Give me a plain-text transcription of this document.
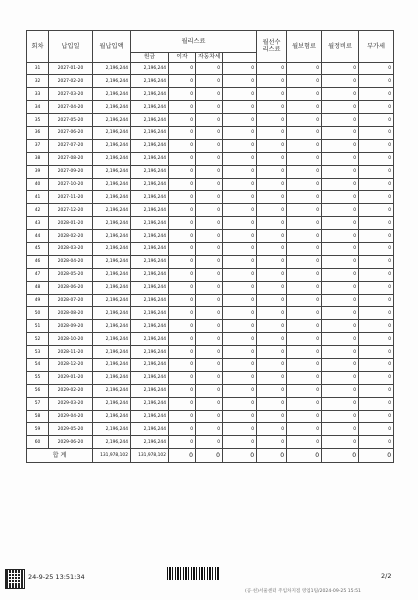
회차	납입일	월납입액	월리스료				월선수
리스료	월보험료	월정비료	부가세
			원금	이자	자동차세					
31	2027-01-20	2,196,244	2,196,244	0	0	0	0	0	0	0
32	2027-02-20	2,196,244	2,196,244	0	0	0	0	0	0	0
33	2027-03-20	2,196,244	2,196,244	0	0	0	0	0	0	0
34	2027-04-20	2,196,244	2,196,244	0	0	0	0	0	0	0
35	2027-05-20	2,196,244	2,196,244	0	0	0	0	0	0	0
36	2027-06-20	2,196,244	2,196,244	0	0	0	0	0	0	0
37	2027-07-20	2,196,244	2,196,244	0	0	0	0	0	0	0
38	2027-08-20	2,196,244	2,196,244	0	0	0	0	0	0	0
39	2027-09-20	2,196,244	2,196,244	0	0	0	0	0	0	0
40	2027-10-20	2,196,244	2,196,244	0	0	0	0	0	0	0
41	2027-11-20	2,196,244	2,196,244	0	0	0	0	0	0	0
42	2027-12-20	2,196,244	2,196,244	0	0	0	0	0	0	0
43	2028-01-20	2,196,244	2,196,244	0	0	0	0	0	0	0
44	2028-02-20	2,196,244	2,196,244	0	0	0	0	0	0	0
45	2028-03-20	2,196,244	2,196,244	0	0	0	0	0	0	0
46	2028-04-20	2,196,244	2,196,244	0	0	0	0	0	0	0
47	2028-05-20	2,196,244	2,196,244	0	0	0	0	0	0	0
48	2028-06-20	2,196,244	2,196,244	0	0	0	0	0	0	0
49	2028-07-20	2,196,244	2,196,244	0	0	0	0	0	0	0
50	2028-08-20	2,196,244	2,196,244	0	0	0	0	0	0	0
51	2028-09-20	2,196,244	2,196,244	0	0	0	0	0	0	0
52	2028-10-20	2,196,244	2,196,244	0	0	0	0	0	0	0
53	2028-11-20	2,196,244	2,196,244	0	0	0	0	0	0	0
54	2028-12-20	2,196,244	2,196,244	0	0	0	0	0	0	0
55	2029-01-20	2,196,244	2,196,244	0	0	0	0	0	0	0
56	2029-02-20	2,196,244	2,196,244	0	0	0	0	0	0	0
57	2029-03-20	2,196,244	2,196,244	0	0	0	0	0	0	0
58	2029-04-20	2,196,244	2,196,244	0	0	0	0	0	0	0
59	2029-05-20	2,196,244	2,196,244	0	0	0	0	0	0	0
60	2029-06-20	2,196,244	2,196,244	0	0	0	0	0	0	0
합 계		131,978,102	131,978,102	0	0	0	0	0	0	0
24-9-25 13:51:34	2/2
(공·친)서울센터 주임차지점 영업1팀/2024-09-25 15:51
